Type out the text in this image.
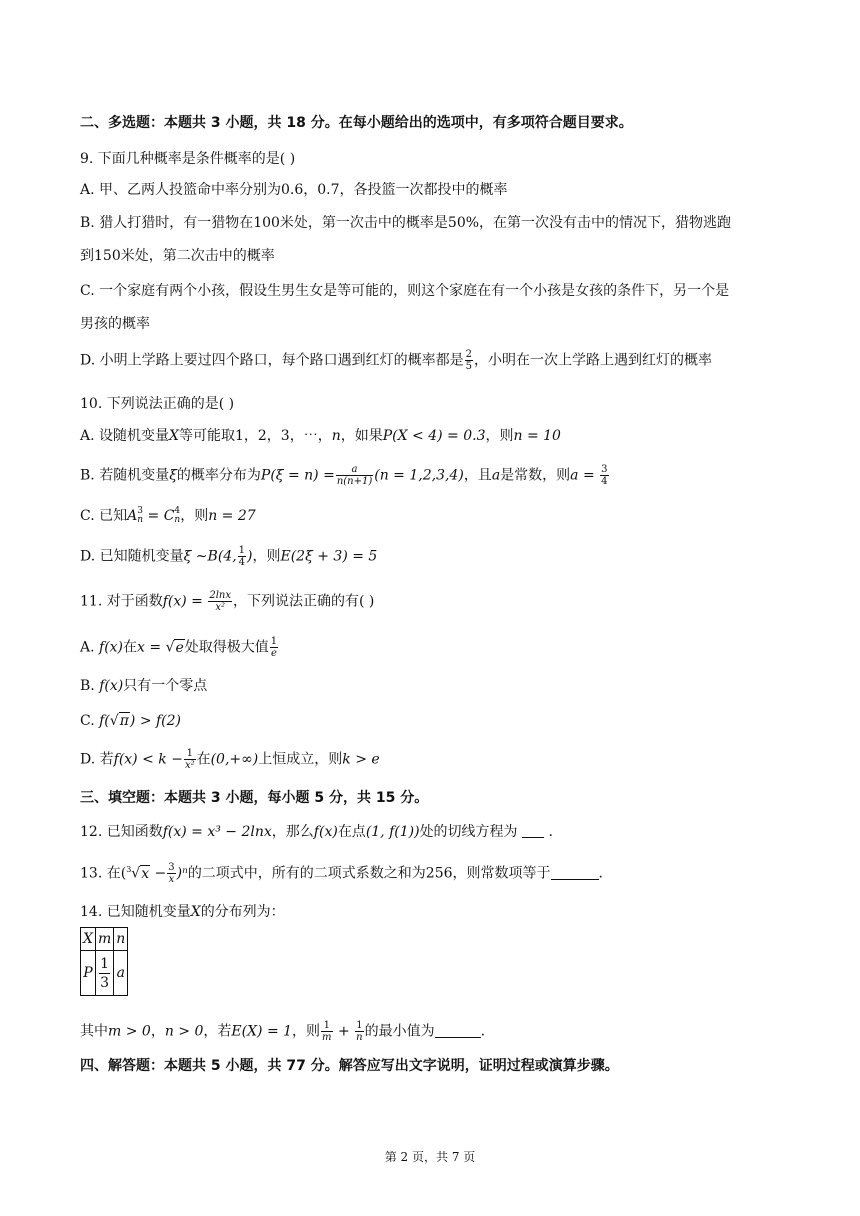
二、多选题：本题共 3 小题，共 18 分。在每小题给出的选项中，有多项符合题目要求。
9. 下面几种概率是条件概率的是( )
A. 甲、乙两人投篮命中率分别为0.6，0.7，各投篮一次都投中的概率
B. 猎人打猎时，有一猎物在100米处，第一次击中的概率是50%，在第一次没有击中的情况下，猎物逃跑
到150米处，第二次击中的概率
C. 一个家庭有两个小孩，假设生男生女是等可能的，则这个家庭在有一个小孩是女孩的条件下，另一个是
男孩的概率
D. 小明上学路上要过四个路口，每个路口遇到红灯的概率都是 $\frac{2}{5}$ ，小明在一次上学路上遇到红灯的概率
10. 下列说法正确的是( )
A. 设随机变量X等可能取1，2，3，⋯，n，如果P(X < 4) = 0.3，则n = 10
B. 若随机变量ξ的概率分布为$P(\xi = n) = \frac{a}{n(n+1)} (n = 1,2,3,4)$，且a是常数，则$a = \frac{3}{4}$
C. 已知A 3
n = C 4
n ，则n = 27
D. 已知随机变量ξ ∼B(4, $\frac{1}{4}$ )，则E(2ξ + 3) = 5
11. 对于函数$f(x) = \frac{2\ln x}{\text{x²}}$ ，下列说法正确的有( )
A. f(x)在x = √e处取得极大值 $\frac{1}{e}$
B. f(x)只有一个零点
C. f(√π) > f(2)
D. 若$f(x) < k - \frac{1}{\text{x²}}$ 在(0,+∞)上恒成立，则k > e
三、填空题：本题共 3 小题，每小题 5 分，共 15 分。
12. 已知函数f(x) = x³ − 2lnx，那么f(x)在点(1, f(1))处的切线方程为  .
13. 在$(^3√x - \frac{3}{x} )^n$的二项式中，所有的二项式系数之和为256，则常数项等于	.
14. 已知随机变量X的分布列为：
X	m	n
P	$\frac{1}{3}$	a
其中m > 0，n > 0，若E(X) = 1，则 $\frac{1}{m} + \frac{1}{n}$ 的最小值为	.
四、解答题：本题共 5 小题，共 77 分。解答应写出文字说明，证明过程或演算步骤。
第 2 页，共 7 页
